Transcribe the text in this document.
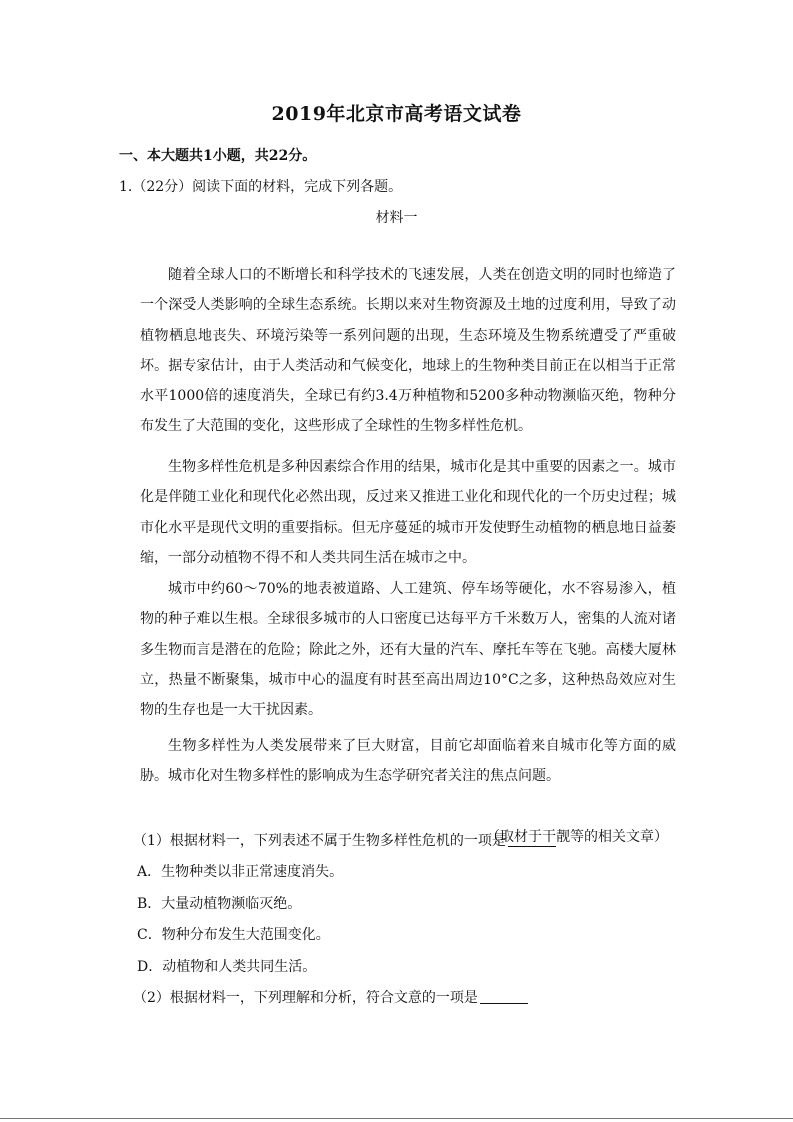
2019年北京市高考语文试卷
一、本大题共1小题，共22分。
1.（22分）阅读下面的材料，完成下列各题。
材料一

随着全球人口的不断增长和科学技术的飞速发展，人类在创造文明的同时也缔造了一个深受人类影响的全球生态系统。长期以来对生物资源及土地的过度利用，导致了动植物栖息地丧失、环境污染等一系列问题的出现，生态环境及生物系统遭受了严重破坏。据专家估计，由于人类活动和气候变化，地球上的生物种类目前正在以相当于正常水平1000倍的速度消失，全球已有约3.4万种植物和5200多种动物濒临灭绝，物种分布发生了大范围的变化，这些形成了全球性的生物多样性危机。

生物多样性危机是多种因素综合作用的结果，城市化是其中重要的因素之一。城市化是伴随工业化和现代化必然出现，反过来又推进工业化和现代化的一个历史过程；城市化水平是现代文明的重要指标。但无序蔓延的城市开发使野生动植物的栖息地日益萎缩，一部分动植物不得不和人类共同生活在城市之中。

城市中约60～70%的地表被道路、人工建筑、停车场等硬化，水不容易渗入，植物的种子难以生根。全球很多城市的人口密度已达每平方千米数万人，密集的人流对诸多生物而言是潜在的危险；除此之外，还有大量的汽车、摩托车等在飞驰。高楼大厦林立，热量不断聚集，城市中心的温度有时甚至高出周边10°C之多，这种热岛效应对生物的生存也是一大干扰因素。

生物多样性为人类发展带来了巨大财富，目前它却面临着来自城市化等方面的威胁。城市化对生物多样性的影响成为生态学研究者关注的焦点问题。

（取材于干靓等的相关文章）
（1）根据材料一，下列表述不属于生物多样性危机的一项是
A．生物种类以非正常速度消失。
B．大量动植物濒临灭绝。
C．物种分布发生大范围变化。
D．动植物和人类共同生活。
（2）根据材料一，下列理解和分析，符合文意的一项是
